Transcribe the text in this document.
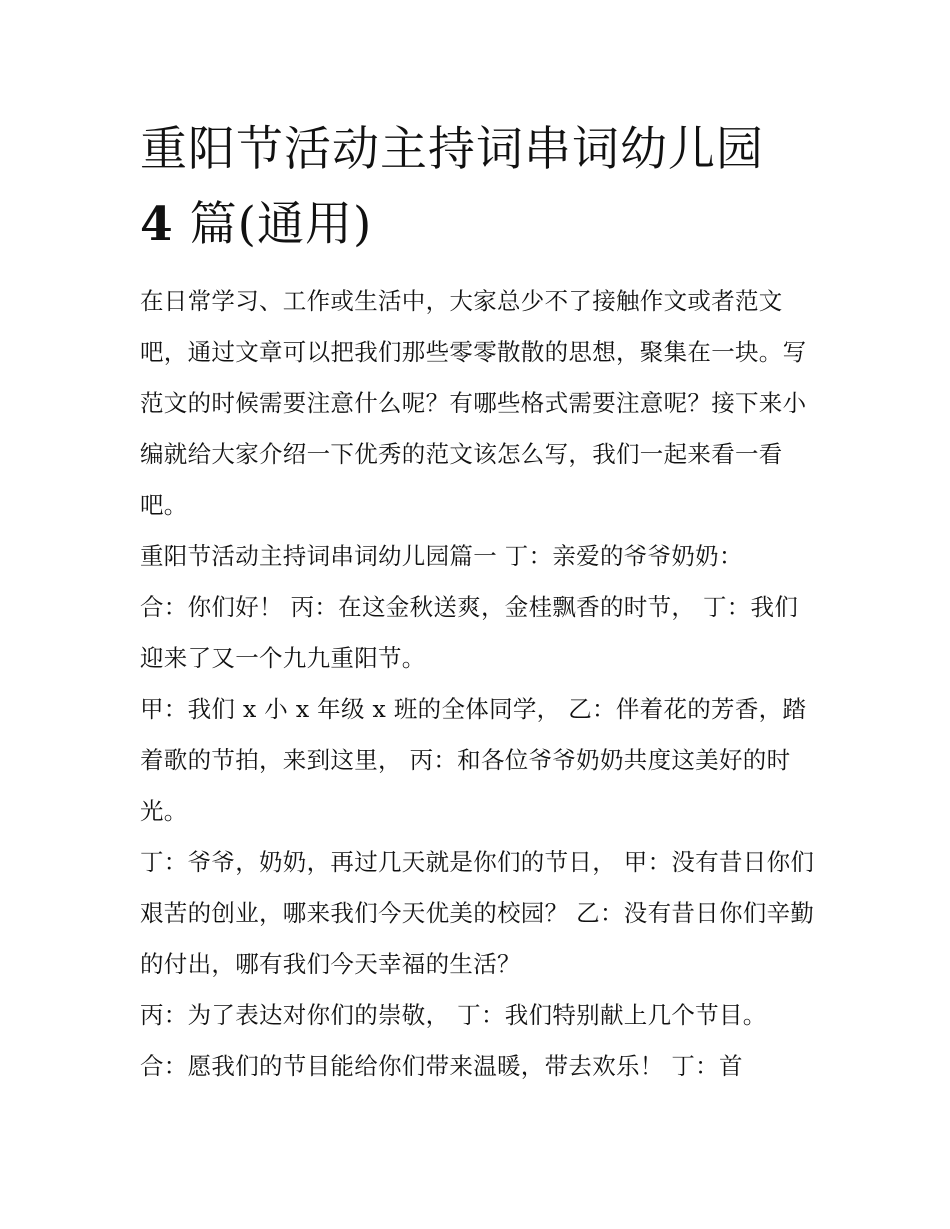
重阳节活动主持词串词幼儿园
4 篇(通用)

在日常学习、工作或生活中，大家总少不了接触作文或者范文吧，通过文章可以把我们那些零零散散的思想，聚集在一块。写范文的时候需要注意什么呢？有哪些格式需要注意呢？接下来小编就给大家介绍一下优秀的范文该怎么写，我们一起来看一看吧。

重阳节活动主持词串词幼儿园篇一 丁：亲爱的爷爷奶奶：

合：你们好！ 丙：在这金秋送爽，金桂飘香的时节， 丁：我们迎来了又一个九九重阳节。

甲：我们 x 小 x 年级 x 班的全体同学， 乙：伴着花的芳香，踏着歌的节拍，来到这里， 丙：和各位爷爷奶奶共度这美好的时光。

丁：爷爷，奶奶，再过几天就是你们的节日， 甲：没有昔日你们艰苦的创业，哪来我们今天优美的校园？ 乙：没有昔日你们辛勤的付出，哪有我们今天幸福的生活？

丙：为了表达对你们的崇敬， 丁：我们特别献上几个节目。

合：愿我们的节目能给你们带来温暖，带去欢乐！ 丁：首
